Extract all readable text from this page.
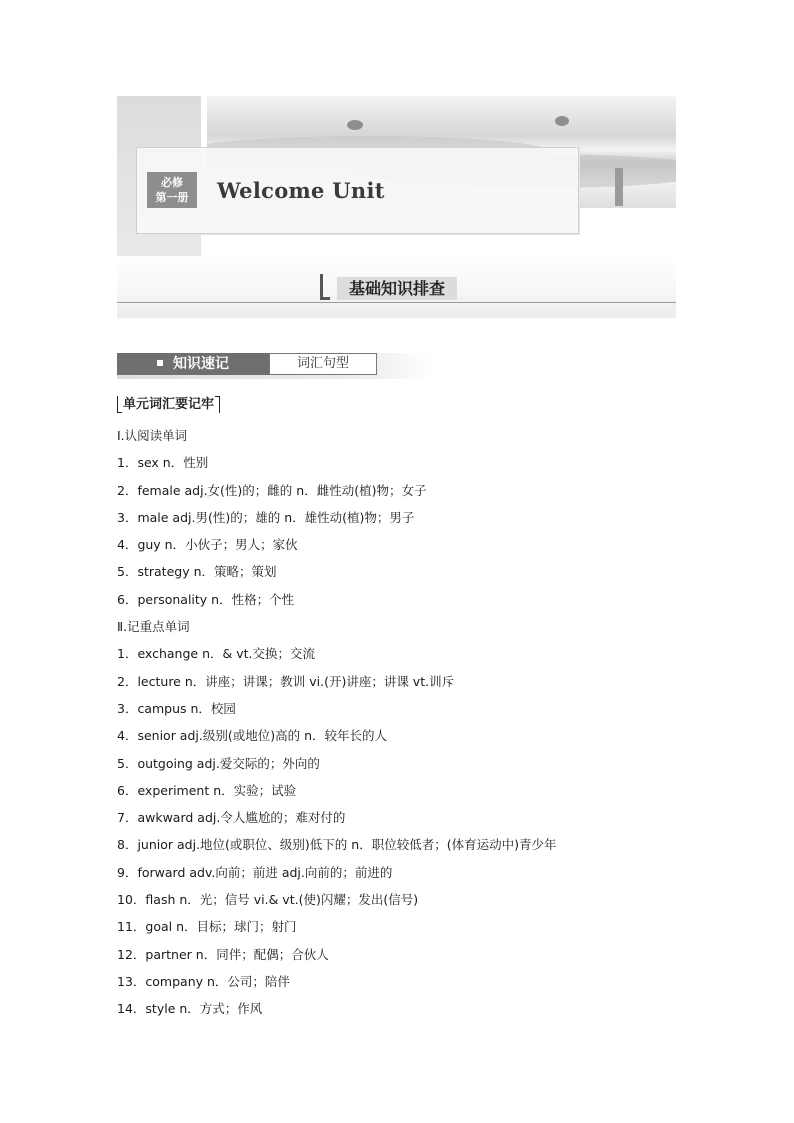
必修
第一册	Welcome Unit
基础知识排查
知识速记	词汇句型
单元词汇要记牢
Ⅰ.认阅读单词
1．sex n．性别
2．female adj.女(性)的；雌的 n．雌性动(植)物；女子
3．male adj.男(性)的；雄的 n．雄性动(植)物；男子
4．guy n．小伙子；男人；家伙
5．strategy n．策略；策划
6．personality n．性格；个性
Ⅱ.记重点单词
1．exchange n．& vt.交换；交流
2．lecture n．讲座；讲课；教训 vi.(开)讲座；讲课 vt.训斥
3．campus n．校园
4．senior adj.级别(或地位)高的 n．较年长的人
5．outgoing adj.爱交际的；外向的
6．experiment n．实验；试验
7．awkward adj.令人尴尬的；难对付的
8．junior adj.地位(或职位、级别)低下的 n．职位较低者；(体育运动中)青少年
9．forward adv.向前；前进 adj.向前的；前进的
10．flash n．光；信号 vi.& vt.(使)闪耀；发出(信号)
11．goal n．目标；球门；射门
12．partner n．同伴；配偶；合伙人
13．company n．公司；陪伴
14．style n．方式；作风
